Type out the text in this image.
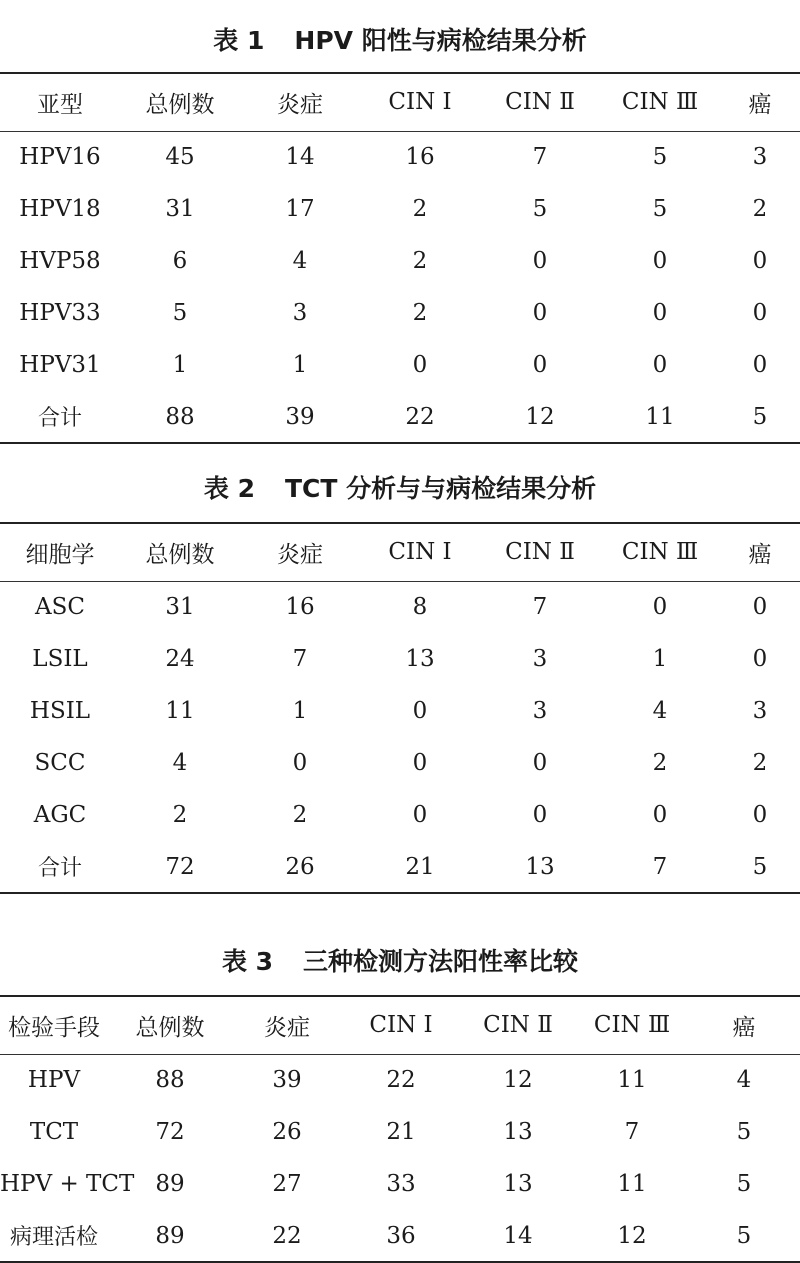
表 1 HPV 阳性与病检结果分析
亚型	总例数	炎症	CIN Ⅰ	CIN Ⅱ	CIN Ⅲ	癌
HPV16	45	14	16	7	5	3
HPV18	31	17	2	5	5	2
HVP58	6	4	2	0	0	0
HPV33	5	3	2	0	0	0
HPV31	1	1	0	0	0	0
合计	88	39	22	12	11	5
表 2 TCT 分析与与病检结果分析
细胞学	总例数	炎症	CIN Ⅰ	CIN Ⅱ	CIN Ⅲ	癌
ASC	31	16	8	7	0	0
LSIL	24	7	13	3	1	0
HSIL	11	1	0	3	4	3
SCC	4	0	0	0	2	2
AGC	2	2	0	0	0	0
合计	72	26	21	13	7	5
表 3 三种检测方法阳性率比较
检验手段	总例数	炎症	CIN Ⅰ	CIN Ⅱ	CIN Ⅲ	癌
HPV	88	39	22	12	11	4
TCT	72	26	21	13	7	5
HPV + TCT	89	27	33	13	11	5
病理活检	89	22	36	14	12	5
